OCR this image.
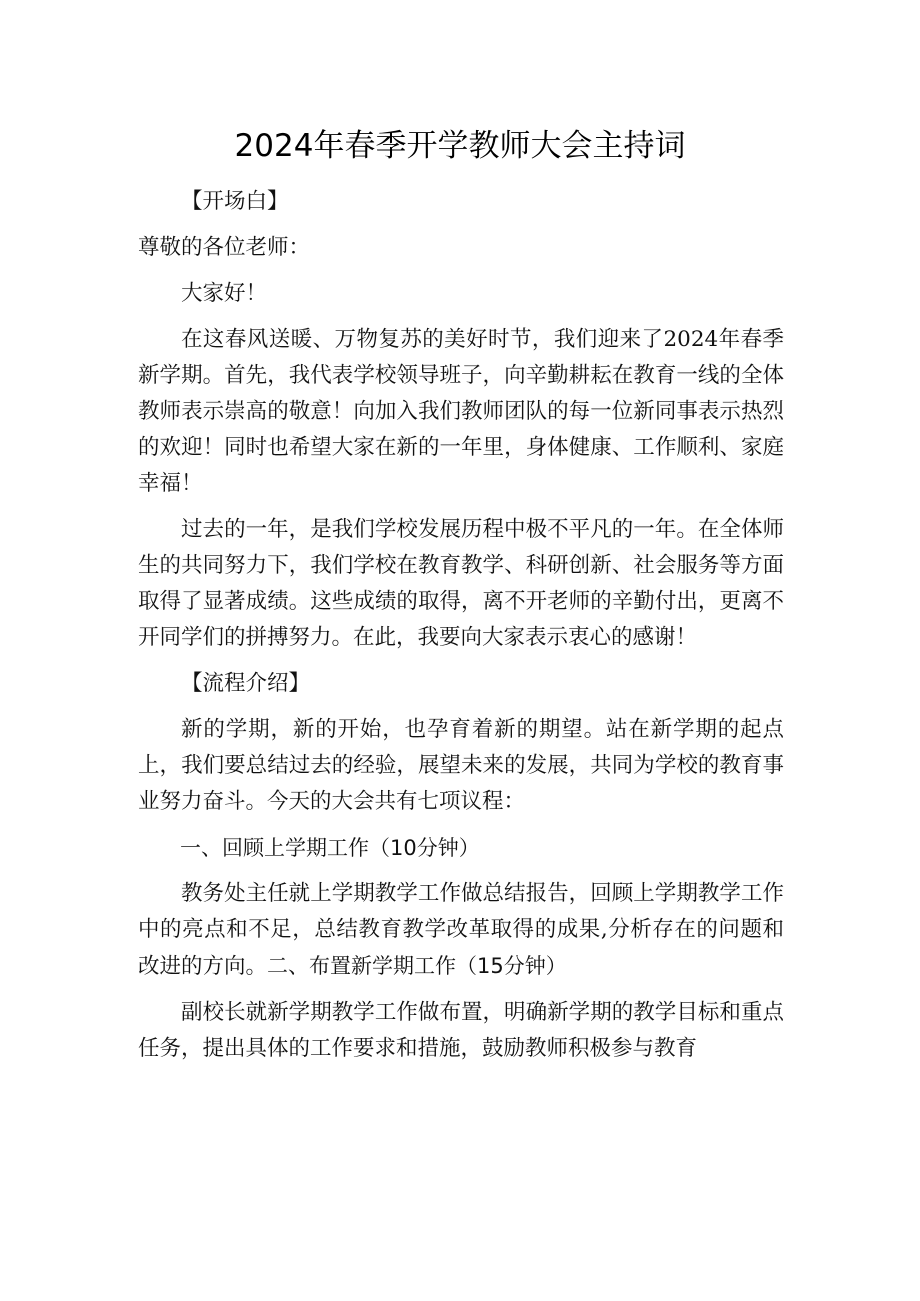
2024年春季开学教师大会主持词

【开场白】

尊敬的各位老师：

大家好！

在这春风送暖、万物复苏的美好时节，我们迎来了2024年春季新学期。首先，我代表学校领导班子，向辛勤耕耘在教育一线的全体教师表示崇高的敬意！向加入我们教师团队的每一位新同事表示热烈的欢迎！同时也希望大家在新的一年里，身体健康、工作顺利、家庭幸福！

过去的一年，是我们学校发展历程中极不平凡的一年。在全体师生的共同努力下，我们学校在教育教学、科研创新、社会服务等方面取得了显著成绩。这些成绩的取得，离不开老师的辛勤付出，更离不开同学们的拼搏努力。在此，我要向大家表示衷心的感谢！

【流程介绍】

新的学期，新的开始，也孕育着新的期望。站在新学期的起点上，我们要总结过去的经验，展望未来的发展，共同为学校的教育事业努力奋斗。今天的大会共有七项议程：

一、回顾上学期工作（10分钟）

教务处主任就上学期教学工作做总结报告，回顾上学期教学工作中的亮点和不足，总结教育教学改革取得的成果,分析存在的问题和改进的方向。二、布置新学期工作（15分钟）

副校长就新学期教学工作做布置，明确新学期的教学目标和重点任务，提出具体的工作要求和措施，鼓励教师积极参与教育
